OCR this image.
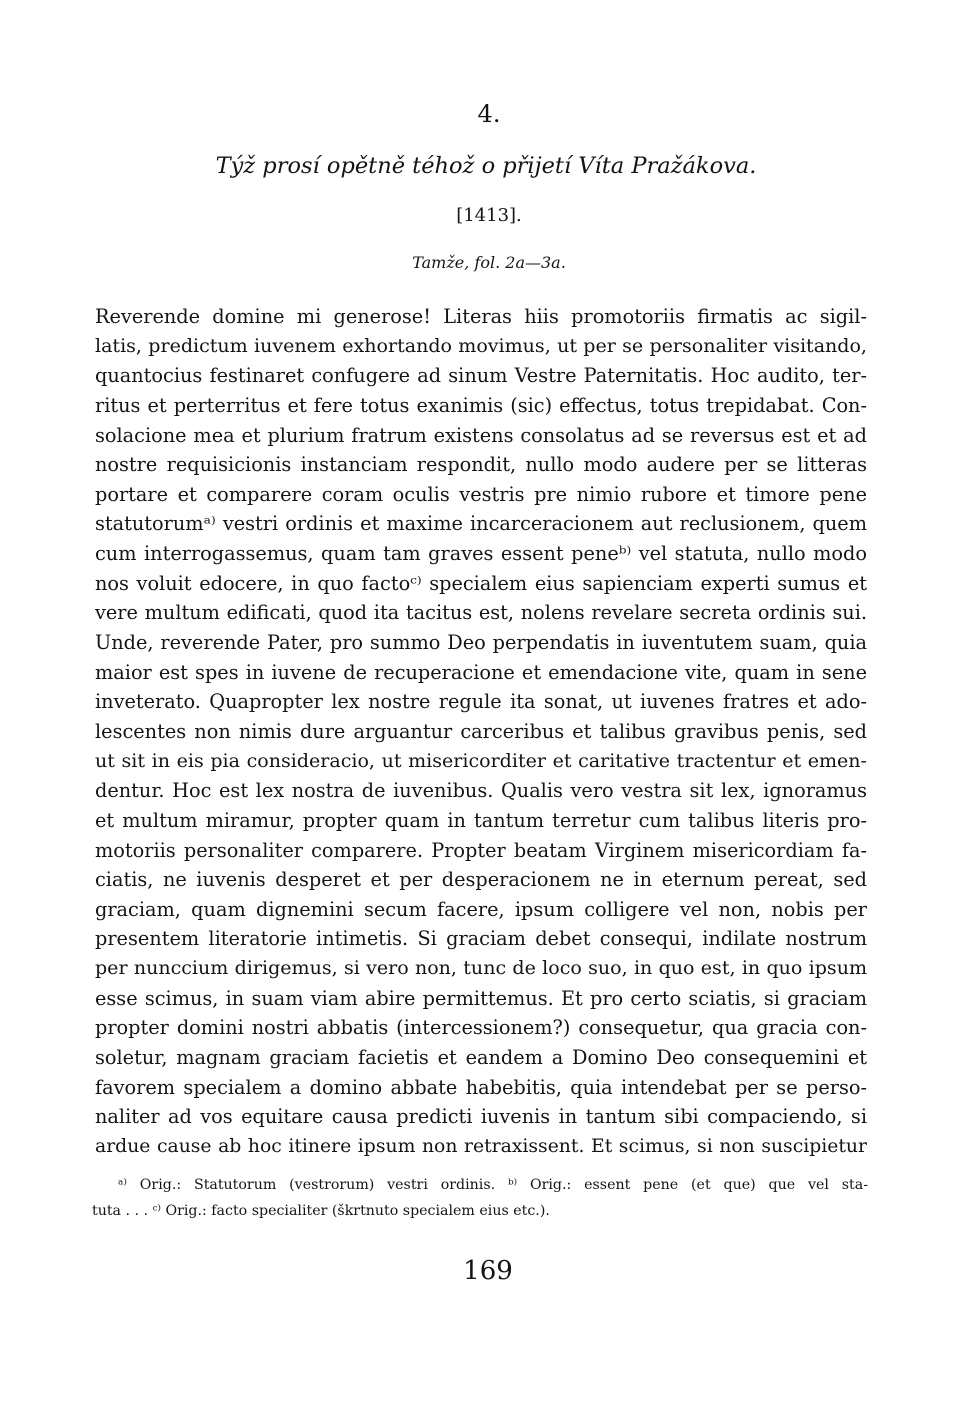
4.
Týž prosí opětně téhož o přijetí Víta Pražákova.
[1413].
Tamže, fol. 2a—3a.
Reverende domine mi generose! Literas hiis promotoriis firmatis ac sigil-
latis, predictum iuvenem exhortando movimus, ut per se personaliter visitando,
quantocius festinaret confugere ad sinum Vestre Paternitatis. Hoc audito, ter-
ritus et perterritus et fere totus exanimis (sic) effectus, totus trepidabat. Con-
solacione mea et plurium fratrum existens consolatus ad se reversus est et ad
nostre requisicionis instanciam respondit, nullo modo audere per se litteras
portare et comparere coram oculis vestris pre nimio rubore et timore pene
statutorumᵃ⁾ vestri ordinis et maxime incarceracionem aut reclusionem, quem
cum interrogassemus, quam tam graves essent peneᵇ⁾ vel statuta, nullo modo
nos voluit edocere, in quo factoᶜ⁾ specialem eius sapienciam experti sumus et
vere multum edificati, quod ita tacitus est, nolens revelare secreta ordinis sui.
Unde, reverende Pater, pro summo Deo perpendatis in iuventutem suam, quia
maior est spes in iuvene de recuperacione et emendacione vite, quam in sene
inveterato. Quapropter lex nostre regule ita sonat, ut iuvenes fratres et ado-
lescentes non nimis dure arguantur carceribus et talibus gravibus penis, sed
ut sit in eis pia consideracio, ut misericorditer et caritative tractentur et emen-
dentur. Hoc est lex nostra de iuvenibus. Qualis vero vestra sit lex, ignoramus
et multum miramur, propter quam in tantum terretur cum talibus literis pro-
motoriis personaliter comparere. Propter beatam Virginem misericordiam fa-
ciatis, ne iuvenis desperet et per desperacionem ne in eternum pereat, sed
graciam, quam dignemini secum facere, ipsum colligere vel non, nobis per
presentem literatorie intimetis. Si graciam debet consequi, indilate nostrum
per nunccium dirigemus, si vero non, tunc de loco suo, in quo est, in quo ipsum
esse scimus, in suam viam abire permittemus. Et pro certo sciatis, si graciam
propter domini nostri abbatis (intercessionem?) consequetur, qua gracia con-
soletur, magnam graciam facietis et eandem a Domino Deo consequemini et
favorem specialem a domino abbate habebitis, quia intendebat per se perso-
naliter ad vos equitare causa predicti iuvenis in tantum sibi compaciendo, si
ardue cause ab hoc itinere ipsum non retraxissent. Et scimus, si non suscipietur
ᵃ⁾ Orig.: Statutorum (vestrorum) vestri ordinis. ᵇ⁾ Orig.: essent pene (et que) que vel sta-
tuta . . . ᶜ⁾ Orig.: facto specialiter (škrtnuto specialem eius etc.).
169
